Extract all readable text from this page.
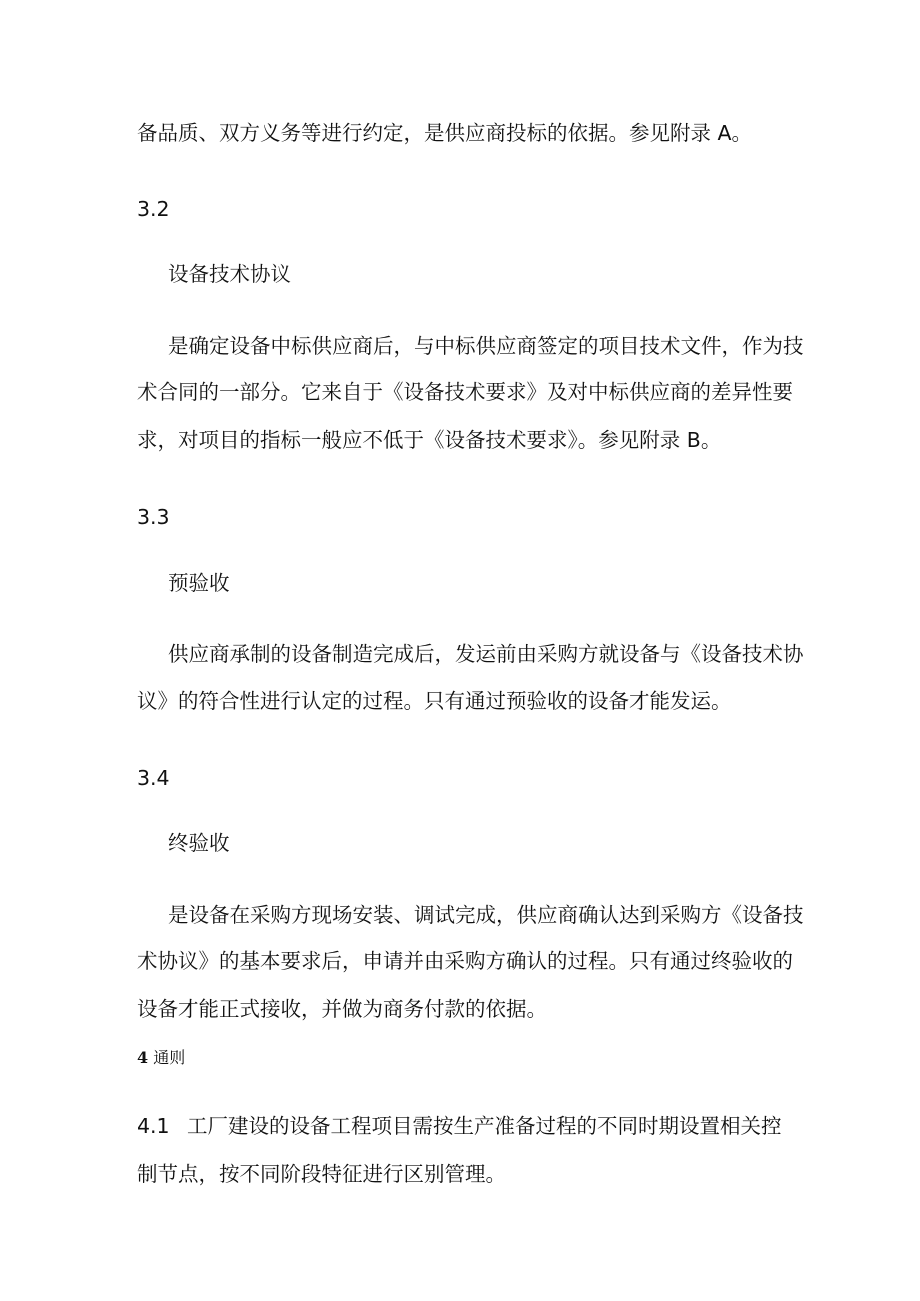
备品质、双方义务等进行约定，是供应商投标的依据。参见附录 A。
3.2
设备技术协议
是确定设备中标供应商后，与中标供应商签定的项目技术文件，作为技
术合同的一部分。它来自于《设备技术要求》及对中标供应商的差异性要
求，对项目的指标一般应不低于《设备技术要求》。参见附录 B。
3.3
预验收
供应商承制的设备制造完成后，发运前由采购方就设备与《设备技术协
议》的符合性进行认定的过程。只有通过预验收的设备才能发运。
3.4
终验收
是设备在采购方现场安装、调试完成，供应商确认达到采购方《设备技
术协议》的基本要求后，申请并由采购方确认的过程。只有通过终验收的
设备才能正式接收，并做为商务付款的依据。
4 通则
4.1 工厂建设的设备工程项目需按生产准备过程的不同时期设置相关控
制节点，按不同阶段特征进行区别管理。
